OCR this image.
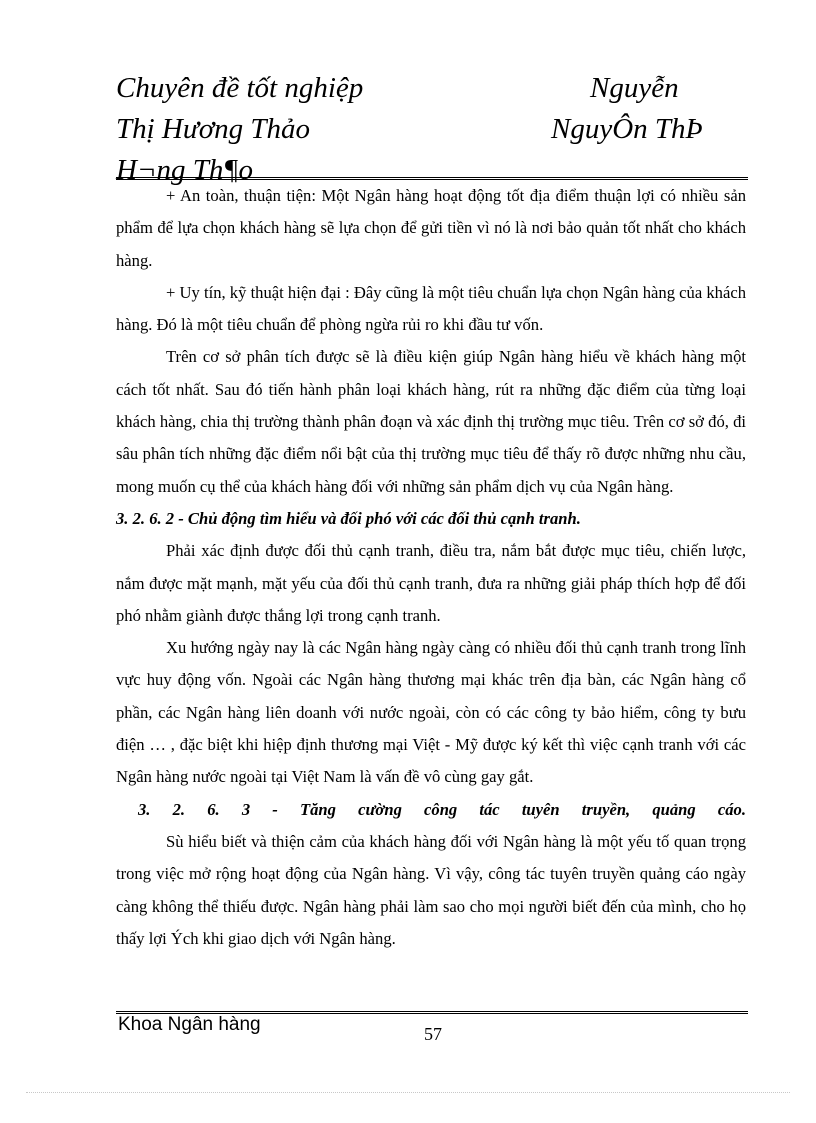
Chuyên đề tốt nghiệp	Nguyễn
Thị Hương Thảo	NguyÔn ThÞ
H¬ng Th¶o

+ An toàn, thuận tiện: Một Ngân hàng hoạt động tốt địa điểm thuận lợi có nhiều sản phẩm để lựa chọn khách hàng sẽ lựa chọn để gửi tiền vì nó là nơi bảo quản tốt nhất cho khách hàng.

+ Uy tín, kỹ thuật hiện đại : Đây cũng là một tiêu chuẩn lựa chọn Ngân hàng của khách hàng. Đó là một tiêu chuẩn để phòng ngừa rủi ro khi đầu tư vốn.

Trên cơ sở phân tích được sẽ là điều kiện giúp Ngân hàng hiểu về khách hàng một cách tốt nhất. Sau đó tiến hành phân loại khách hàng, rút ra những đặc điểm của từng loại khách hàng, chia thị trường thành phân đoạn và xác định thị trường mục tiêu. Trên cơ sở đó, đi sâu phân tích những đặc điểm nổi bật của thị trường mục tiêu để thấy rõ được những nhu cầu, mong muốn cụ thể của khách hàng đối với những sản phẩm dịch vụ của Ngân hàng.

3. 2. 6. 2 - Chủ động tìm hiểu và đối phó với các đối thủ cạnh tranh.

Phải xác định được đối thủ cạnh tranh, điều tra, nắm bắt được mục tiêu, chiến lược, nắm được mặt mạnh, mặt yếu của đối thủ cạnh tranh, đưa ra những giải pháp thích hợp để đối phó nhằm giành được thắng lợi trong cạnh tranh.

Xu hướng ngày nay là các Ngân hàng ngày càng có nhiều đối thủ cạnh tranh trong lĩnh vực huy động vốn. Ngoài các Ngân hàng thương mại khác trên địa bàn, các Ngân hàng cổ phần, các Ngân hàng liên doanh với nước ngoài, còn có các công ty bảo hiểm, công ty bưu điện … , đặc biệt khi hiệp định thương mại Việt - Mỹ được ký kết thì việc cạnh tranh với các Ngân hàng nước ngoài tại Việt Nam là vấn đề vô cùng gay gắt.

3. 2. 6. 3 - Tăng cường công tác tuyên truyền, quảng cáo.

Sù hiểu biết và thiện cảm của khách hàng đối với Ngân hàng là một yếu tố quan trọng trong việc mở rộng hoạt động của Ngân hàng. Vì vậy, công tác tuyên truyền quảng cáo ngày càng không thể thiếu được. Ngân hàng phải làm sao cho mọi người biết đến của mình, cho họ thấy lợi Ých khi giao dịch với Ngân hàng.

Khoa Ngân hàng	57
